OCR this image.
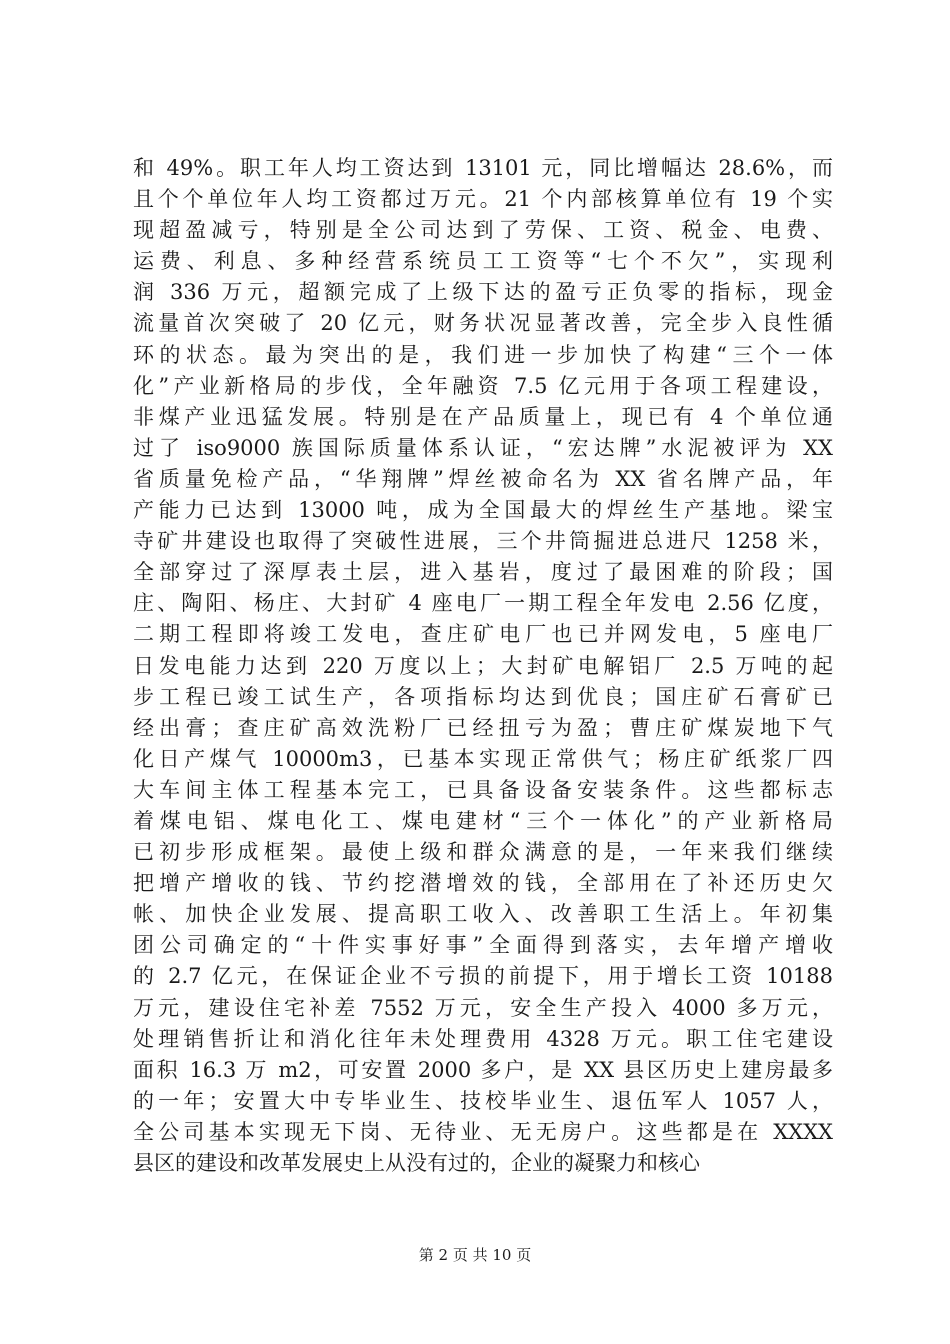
和 49%。职工年人均工资达到 13101 元，同比增幅达 28.6%，而
且个个单位年人均工资都过万元。21 个内部核算单位有 19 个实
现超盈减亏，特别是全公司达到了劳保、工资、税金、电费、
运费、利息、多种经营系统员工工资等“七个不欠”，实现利
润 336 万元，超额完成了上级下达的盈亏正负零的指标，现金
流量首次突破了 20 亿元，财务状况显著改善，完全步入良性循
环的状态。最为突出的是，我们进一步加快了构建“三个一体
化”产业新格局的步伐，全年融资 7.5 亿元用于各项工程建设，
非煤产业迅猛发展。特别是在产品质量上，现已有 4 个单位通
过了 iso9000 族国际质量体系认证，“宏达牌”水泥被评为 XX
省质量免检产品，“华翔牌”焊丝被命名为 XX 省名牌产品，年
产能力已达到 13000 吨，成为全国最大的焊丝生产基地。梁宝
寺矿井建设也取得了突破性进展，三个井筒掘进总进尺 1258 米，
全部穿过了深厚表土层，进入基岩，度过了最困难的阶段；国
庄、陶阳、杨庄、大封矿 4 座电厂一期工程全年发电 2.56 亿度，
二期工程即将竣工发电，查庄矿电厂也已并网发电，5 座电厂
日发电能力达到 220 万度以上；大封矿电解铝厂 2.5 万吨的起
步工程已竣工试生产，各项指标均达到优良；国庄矿石膏矿已
经出膏；查庄矿高效洗粉厂已经扭亏为盈；曹庄矿煤炭地下气
化日产煤气 10000m3，已基本实现正常供气；杨庄矿纸浆厂四
大车间主体工程基本完工，已具备设备安装条件。这些都标志
着煤电铝、煤电化工、煤电建材“三个一体化”的产业新格局
已初步形成框架。最使上级和群众满意的是，一年来我们继续
把增产增收的钱、节约挖潜增效的钱，全部用在了补还历史欠
帐、加快企业发展、提高职工收入、改善职工生活上。年初集
团公司确定的“十件实事好事”全面得到落实，去年增产增收
的 2.7 亿元，在保证企业不亏损的前提下，用于增长工资 10188
万元，建设住宅补差 7552 万元，安全生产投入 4000 多万元，
处理销售折让和消化往年未处理费用 4328 万元。职工住宅建设
面积 16.3 万 m2，可安置 2000 多户，是 XX 县区历史上建房最多
的一年；安置大中专毕业生、技校毕业生、退伍军人 1057 人，
全公司基本实现无下岗、无待业、无无房户。这些都是在 XXXX
县区的建设和改革发展史上从没有过的，企业的凝聚力和核心
第 2 页 共 10 页
